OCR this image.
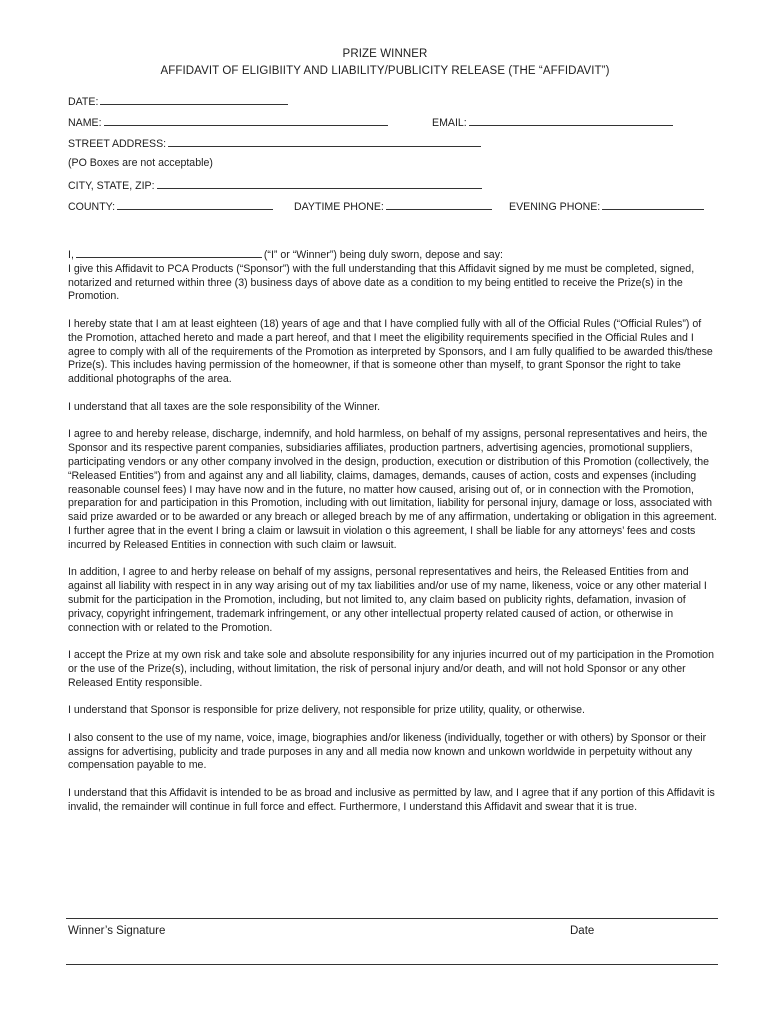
PRIZE WINNER
AFFIDAVIT OF ELIGIBIITY AND LIABILITY/PUBLICITY RELEASE (THE “AFFIDAVIT”)
DATE:
NAME:	EMAIL:
STREET ADDRESS:
(PO Boxes are not acceptable)
CITY, STATE, ZIP:
COUNTY:	DAYTIME PHONE:	EVENING PHONE:
I,	(“I” or “Winner”) being duly sworn, depose and say:

I give this Affidavit to PCA Products (“Sponsor”) with the full understanding that this Affidavit signed by me must be completed, signed, notarized and returned within three (3) business days of above date as a condition to my being entitled to receive the Prize(s) in the Promotion.

I hereby state that I am at least eighteen (18) years of age and that I have complied fully with all of the Official Rules (“Official Rules”) of the Promotion, attached hereto and made a part hereof, and that I meet the eligibility requirements specified in the Official Rules and I agree to comply with all of the requirements of the Promotion as interpreted by Sponsors, and I am fully qualified to be awarded this/these Prize(s). This includes having permission of the homeowner, if that is someone other than myself, to grant Sponsor the right to take additional photographs of the area.

I understand that all taxes are the sole responsibility of the Winner.

I agree to and hereby release, discharge, indemnify, and hold harmless, on behalf of my assigns, personal representatives and heirs, the Sponsor and its respective parent companies, subsidiaries affiliates, production partners, advertising agencies, promotional suppliers, participating vendors or any other company involved in the design, production, execution or distribution of this Promotion (collectively, the “Released Entities”) from and against any and all liability, claims, damages, demands, causes of action, costs and expenses (including reasonable counsel fees) I may have now and in the future, no matter how caused, arising out of, or in connection with the Promotion, preparation for and participation in this Promotion, including with out limitation, liability for personal injury, damage or loss, associated with said prize awarded or to be awarded or any breach or alleged breach by me of any affirmation, undertaking or obligation in this agreement. I further agree that in the event I bring a claim or lawsuit in violation o this agreement, I shall be liable for any attorneys’ fees and costs incurred by Released Entities in connection with such claim or lawsuit.

In addition, I agree to and herby release on behalf of my assigns, personal representatives and heirs, the Released Entities from and against all liability with respect in in any way arising out of my tax liabilities and/or use of my name, likeness, voice or any other material I submit for the participation in the Promotion, including, but not limited to, any claim based on publicity rights, defamation, invasion of privacy, copyright infringement, trademark infringement, or any other intellectual property related caused of action, or otherwise in connection with or related to the Promotion.

I accept the Prize at my own risk and take sole and absolute responsibility for any injuries incurred out of my participation in the Promotion or the use of the Prize(s), including, without limitation, the risk of personal injury and/or death, and will not hold Sponsor or any other Released Entity responsible.

I understand that Sponsor is responsible for prize delivery, not responsible for prize utility, quality, or otherwise.

I also consent to the use of my name, voice, image, biographies and/or likeness (individually, together or with others) by Sponsor or their assigns for advertising, publicity and trade purposes in any and all media now known and unkown worldwide in perpetuity without any compensation payable to me.

I understand that this Affidavit is intended to be as broad and inclusive as permitted by law, and I agree that if any portion of this Affidavit is invalid, the remainder will continue in full force and effect. Furthermore, I understand this Affidavit and swear that it is true.

Winner’s Signature	Date
